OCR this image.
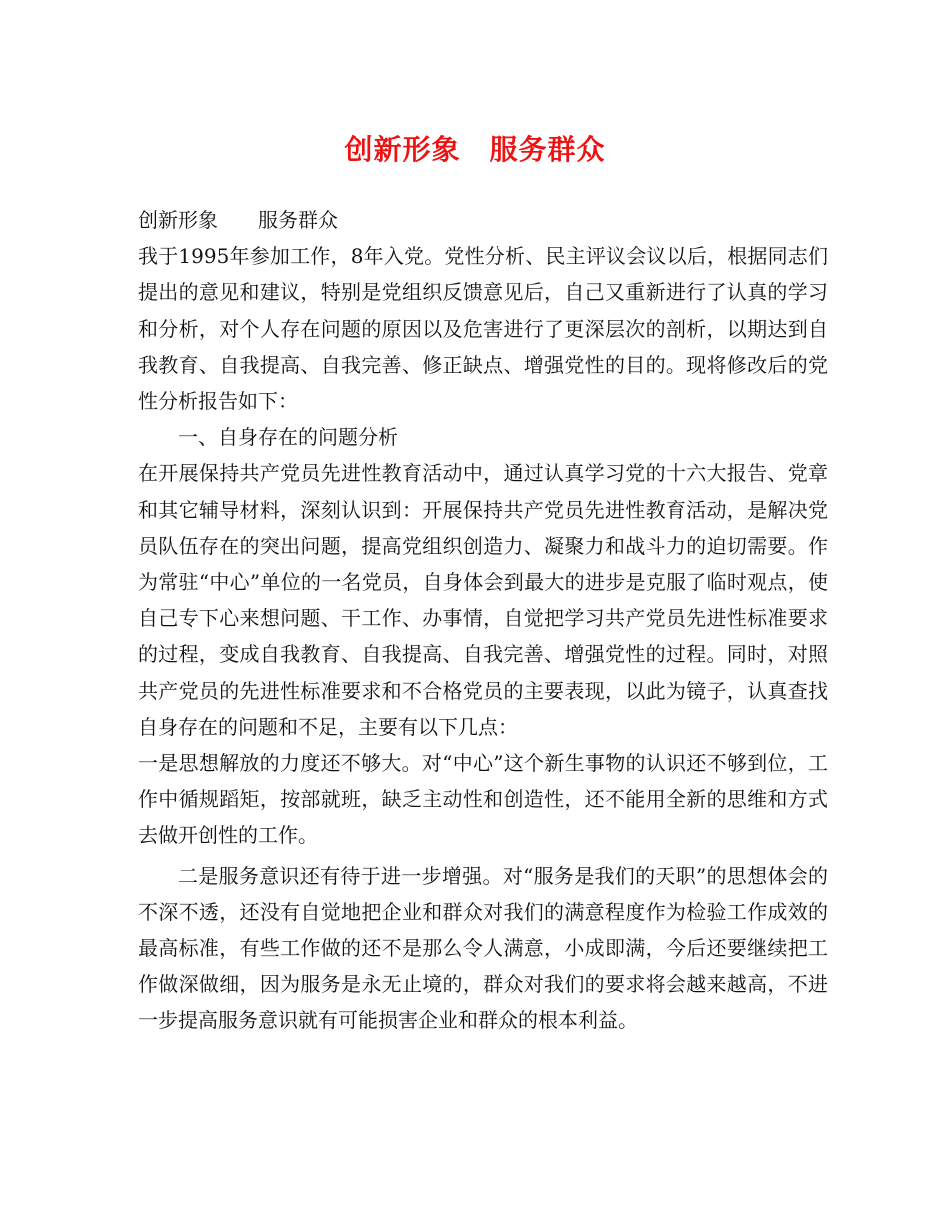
创新形象　服务群众

创新形象　　服务群众

我于1995年参加工作，8年入党。党性分析、民主评议会议以后，根据同志们提出的意见和建议，特别是党组织反馈意见后，自己又重新进行了认真的学习和分析，对个人存在问题的原因以及危害进行了更深层次的剖析，以期达到自我教育、自我提高、自我完善、修正缺点、增强党性的目的。现将修改后的党性分析报告如下：

一、自身存在的问题分析

在开展保持共产党员先进性教育活动中，通过认真学习党的十六大报告、党章和其它辅导材料，深刻认识到：开展保持共产党员先进性教育活动，是解决党员队伍存在的突出问题，提高党组织创造力、凝聚力和战斗力的迫切需要。作为常驻“中心”单位的一名党员，自身体会到最大的进步是克服了临时观点，使自己专下心来想问题、干工作、办事情，自觉把学习共产党员先进性标准要求的过程，变成自我教育、自我提高、自我完善、增强党性的过程。同时，对照共产党员的先进性标准要求和不合格党员的主要表现，以此为镜子，认真查找自身存在的问题和不足，主要有以下几点：

一是思想解放的力度还不够大。对“中心”这个新生事物的认识还不够到位，工作中循规蹈矩，按部就班，缺乏主动性和创造性，还不能用全新的思维和方式去做开创性的工作。

二是服务意识还有待于进一步增强。对“服务是我们的天职”的思想体会的不深不透，还没有自觉地把企业和群众对我们的满意程度作为检验工作成效的最高标准，有些工作做的还不是那么令人满意，小成即满，今后还要继续把工作做深做细，因为服务是永无止境的，群众对我们的要求将会越来越高，不进一步提高服务意识就有可能损害企业和群众的根本利益。
